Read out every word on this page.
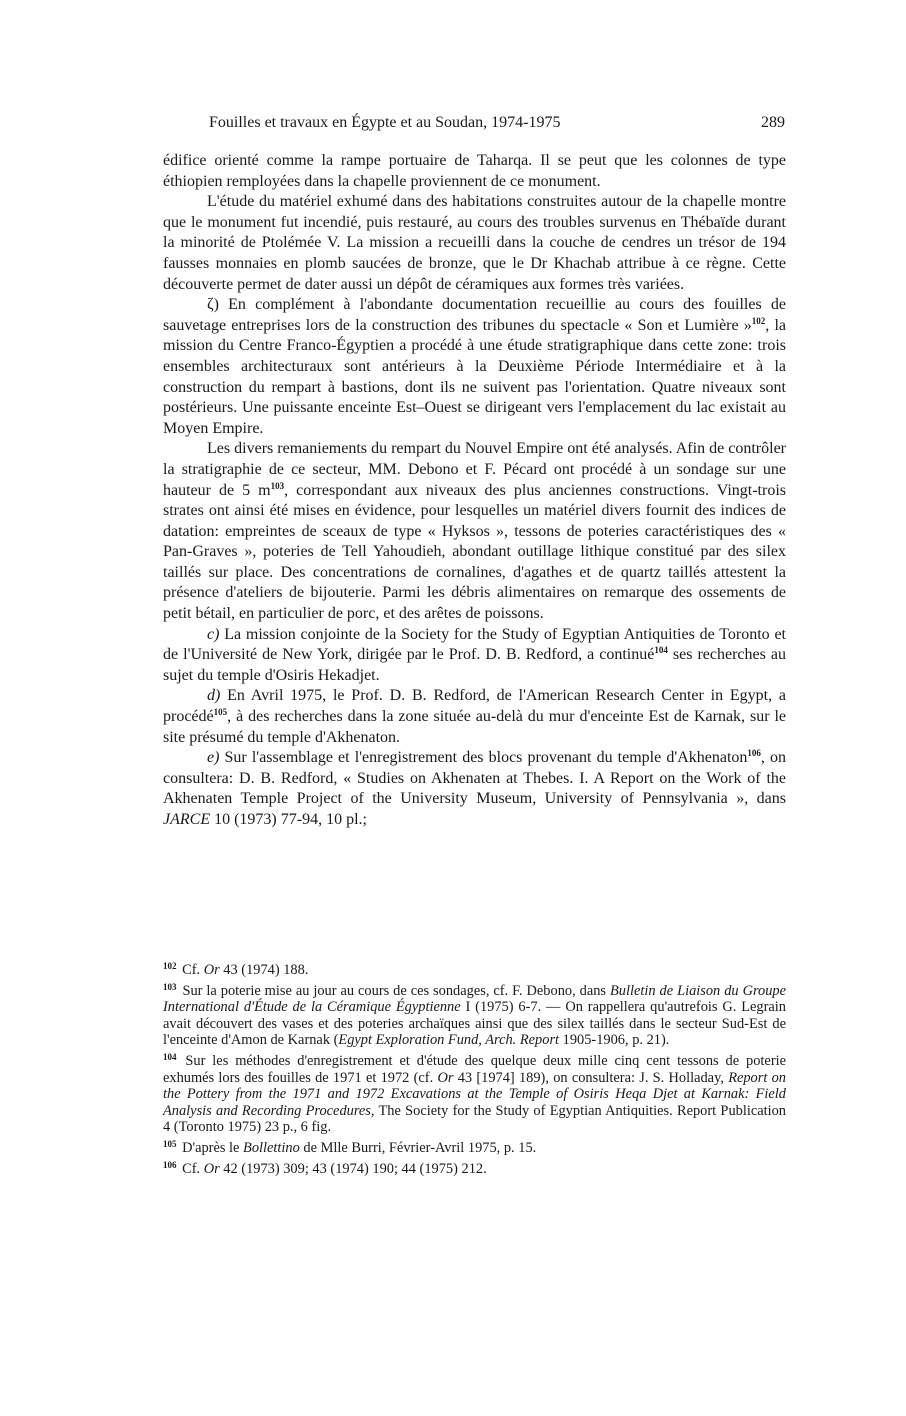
Fouilles et travaux en Égypte et au Soudan, 1974-1975	289

édifice orienté comme la rampe portuaire de Taharqa. Il se peut que les colonnes de type éthiopien remployées dans la chapelle proviennent de ce monument.

L'étude du matériel exhumé dans des habitations construites autour de la chapelle montre que le monument fut incendié, puis restauré, au cours des troubles survenus en Thébaïde durant la minorité de Ptolémée V. La mission a recueilli dans la couche de cendres un trésor de 194 fausses monnaies en plomb saucées de bronze, que le Dr Khachab attribue à ce règne. Cette découverte permet de dater aussi un dépôt de céramiques aux formes très variées.

ζ) En complément à l'abondante documentation recueillie au cours des fouilles de sauvetage entreprises lors de la construction des tribunes du spectacle « Son et Lumière »$^{102}$, la mission du Centre Franco-Égyptien a procédé à une étude stratigraphique dans cette zone: trois ensembles architecturaux sont antérieurs à la Deuxième Période Intermédiaire et à la construction du rempart à bastions, dont ils ne suivent pas l'orientation. Quatre niveaux sont postérieurs. Une puissante enceinte Est–Ouest se dirigeant vers l'emplacement du lac existait au Moyen Empire.

Les divers remaniements du rempart du Nouvel Empire ont été analysés. Afin de contrôler la stratigraphie de ce secteur, MM. Debono et F. Pécard ont procédé à un sondage sur une hauteur de 5 $m^{103}$, correspondant aux niveaux des plus anciennes constructions. Vingt-trois strates ont ainsi été mises en évidence, pour lesquelles un matériel divers fournit des indices de datation: empreintes de sceaux de type « Hyksos », tessons de poteries caractéristiques des « Pan-Graves », poteries de Tell Yahoudieh, abondant outillage lithique constitué par des silex taillés sur place. Des concentrations de cornalines, d'agathes et de quartz taillés attestent la présence d'ateliers de bijouterie. Parmi les débris alimentaires on remarque des ossements de petit bétail, en particulier de porc, et des arêtes de poissons.

c) La mission conjointe de la Society for the Study of Egyptian Antiquities de Toronto et de l'Université de New York, dirigée par le Prof. D. B. Redford, a continué$^{104}$ ses recherches au sujet du temple d'Osiris Hekadjet.

d) En Avril 1975, le Prof. D. B. Redford, de l'American Research Center in Egypt, a procédé$^{105}$, à des recherches dans la zone située au-delà du mur d'enceinte Est de Karnak, sur le site présumé du temple d'Akhenaton.

e) Sur l'assemblage et l'enregistrement des blocs provenant du temple d'Akhenaton$^{106}$, on consultera: D. B. Redford, « Studies on Akhenaten at Thebes. I. A Report on the Work of the Akhenaten Temple Project of the University Museum, University of Pennsylvania », dans JARCE 10 (1973) 77-94, 10 pl.;

$^{102}$ Cf. Or 43 (1974) 188.

$^{103}$ Sur la poterie mise au jour au cours de ces sondages, cf. F. Debono, dans Bulletin de Liaison du Groupe International d'Étude de la Céramique Égyptienne I (1975) 6-7. — On rappellera qu'autrefois G. Legrain avait découvert des vases et des poteries archaïques ainsi que des silex taillés dans le secteur Sud-Est de l'enceinte d'Amon de Karnak (Egypt Exploration Fund, Arch. Report 1905-1906, p. 21).

$^{104}$ Sur les méthodes d'enregistrement et d'étude des quelque deux mille cinq cent tessons de poterie exhumés lors des fouilles de 1971 et 1972 (cf. Or 43 [1974] 189), on consultera: J. S. Holladay, Report on the Pottery from the 1971 and 1972 Excavations at the Temple of Osiris Heqa Djet at Karnak: Field Analysis and Recording Procedures, The Society for the Study of Egyptian Antiquities. Report Publication 4 (Toronto 1975) 23 p., 6 fig.

$^{105}$ D'après le Bollettino de Mlle Burri, Février-Avril 1975, p. 15.

$^{106}$ Cf. Or 42 (1973) 309; 43 (1974) 190; 44 (1975) 212.
